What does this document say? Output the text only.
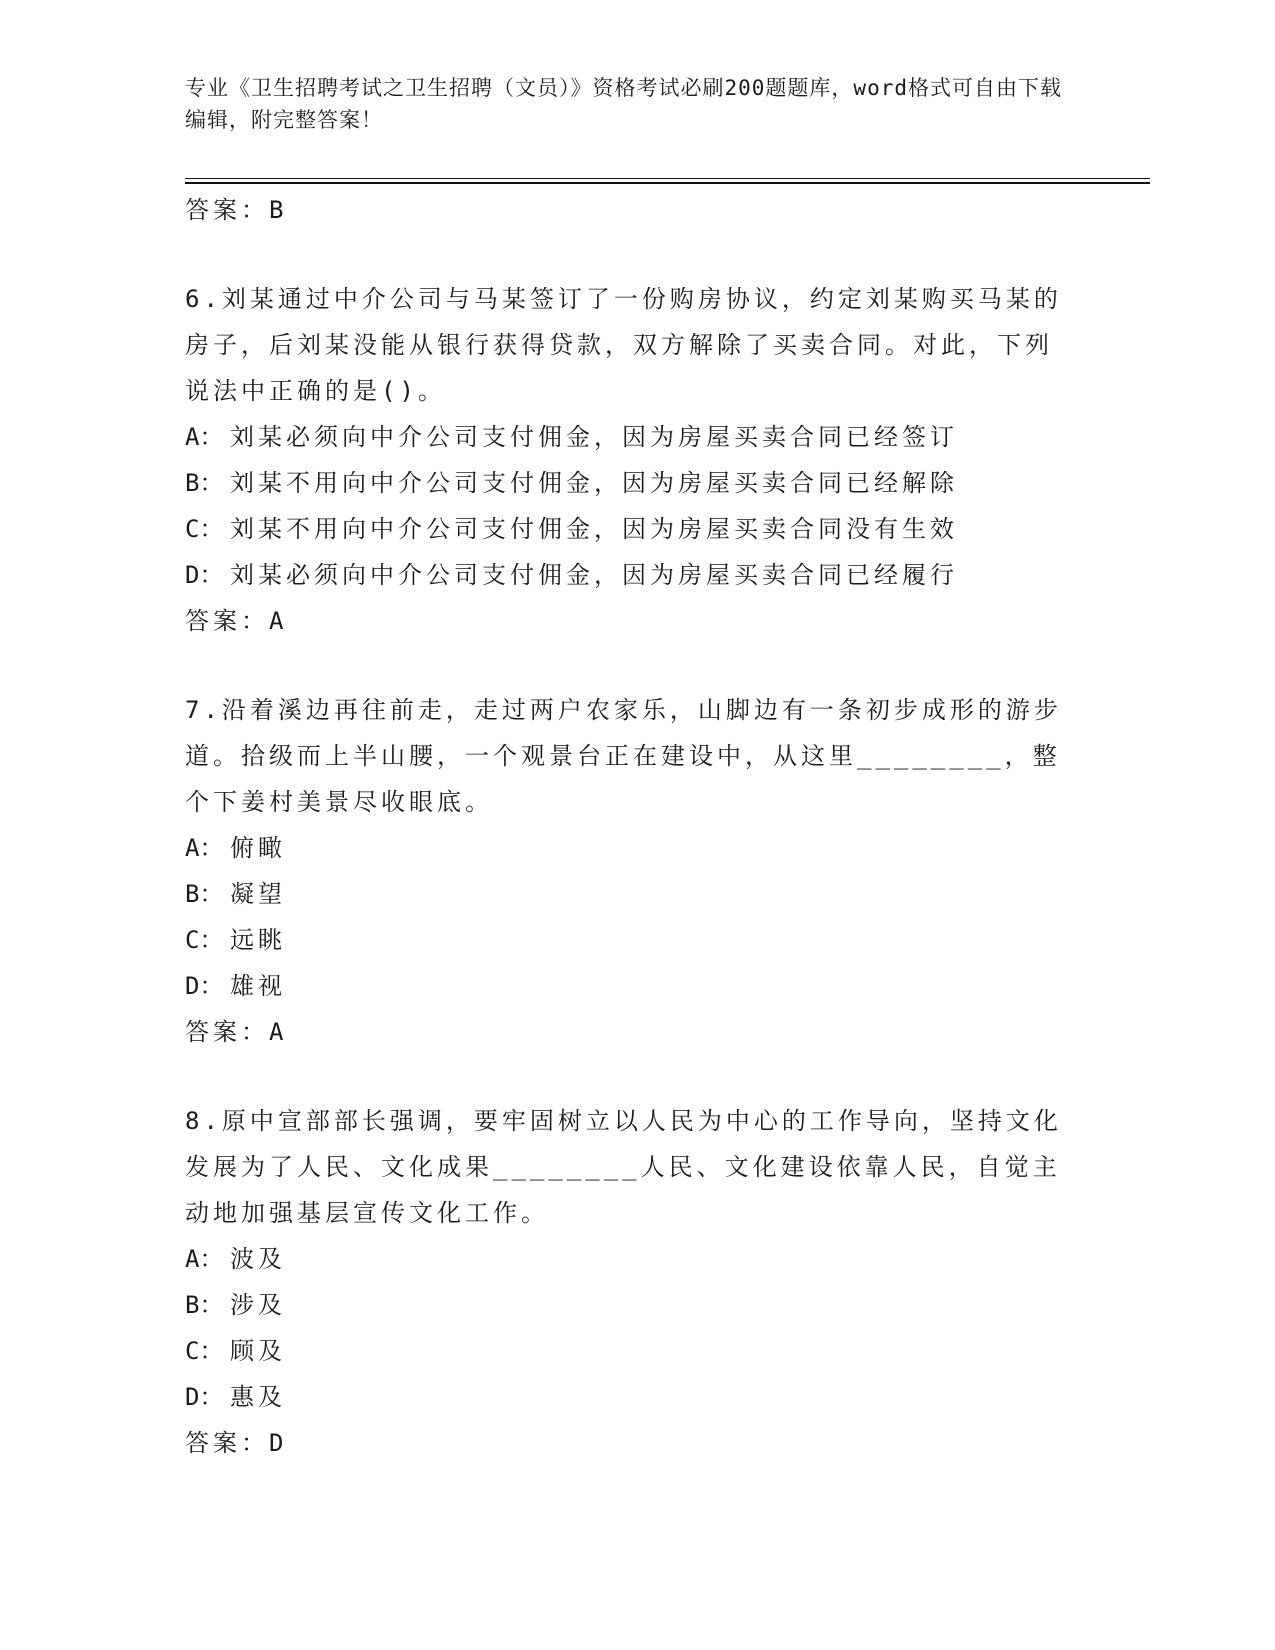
专业《卫生招聘考试之卫生招聘（文员）》资格考试必刷200题题库，word格式可自由下载编辑，附完整答案！
答案：B
6.刘某通过中介公司与马某签订了一份购房协议，约定刘某购买马某的房子，后刘某没能从银行获得贷款，双方解除了买卖合同。对此，下列说法中正确的是()。
A： 刘某必须向中介公司支付佣金，因为房屋买卖合同已经签订
B： 刘某不用向中介公司支付佣金，因为房屋买卖合同已经解除
C： 刘某不用向中介公司支付佣金，因为房屋买卖合同没有生效
D： 刘某必须向中介公司支付佣金，因为房屋买卖合同已经履行
答案：A
7.沿着溪边再往前走，走过两户农家乐，山脚边有一条初步成形的游步道。拾级而上半山腰，一个观景台正在建设中，从这里________，整个下姜村美景尽收眼底。
A： 俯瞰
B： 凝望
C： 远眺
D： 雄视
答案：A
8.原中宣部部长强调，要牢固树立以人民为中心的工作导向，坚持文化发展为了人民、文化成果________人民、文化建设依靠人民，自觉主动地加强基层宣传文化工作。
A： 波及
B： 涉及
C： 顾及
D： 惠及
答案：D
